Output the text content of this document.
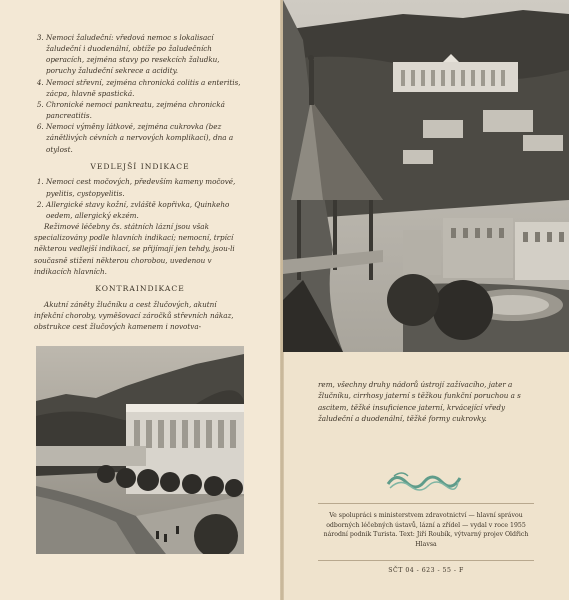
3. Nemoci žaludeční: vředová nemoc s lokalisací žaludeční i duodenální, obtíže po žaludečních operacích, zejména stavy po resekcích žaludku, poruchy žaludeční sekrece a acidity.
4. Nemoci střevní, zejména chronická colitis a enteritis, zácpa, hlavně spastická.
5. Chronické nemoci pankreatu, zejména chronická pancreatitis.
6. Nemoci výměny látkové, zejména cukrovka (bez zánětlivých cévních a nervových komplikací), dna a otylost.
VEDLEJŠÍ INDIKACE
1. Nemoci cest močových, především kameny močové, pyelitis, cystopyelitis.
2. Allergické stavy kožní, zvláště kopřivka, Quinkeho oedem, allergický ekzém.

Režimové léčebny čs. státních lázní jsou však specializovány podle hlavních indikací; nemocní, trpící některou vedlejší indikací, se přijímají jen tehdy, jsou-li současně stiženi některou chorobou, uvedenou v indikacích hlavních.

KONTRAINDIKACE

Akutní záněty žlučníku a cest žlučových, akutní infekční choroby, vyměšovací záročků střevních nákaz, obstrukce cest žlučových kamenem i novotva-

rem, všechny druhy nádorů ústrojí zažívacího, jater a žlučníku, cirrhosy jaterní s těžkou funkční poruchou a s ascitem, těžké insuficience jaterní, krvácející vředy žaludeční a duodenální, těžké formy cukrovky.
Ve spolupráci s ministerstvem zdravotnictví — hlavní správou odborných léčebných ústavů, lázní a zřídel — vydal v roce 1955 národní podnik Turista. Text: Jiří Roubík, výtvarný projev Oldřich Hlavsa
SČT 04 - 623 - 55 - F
